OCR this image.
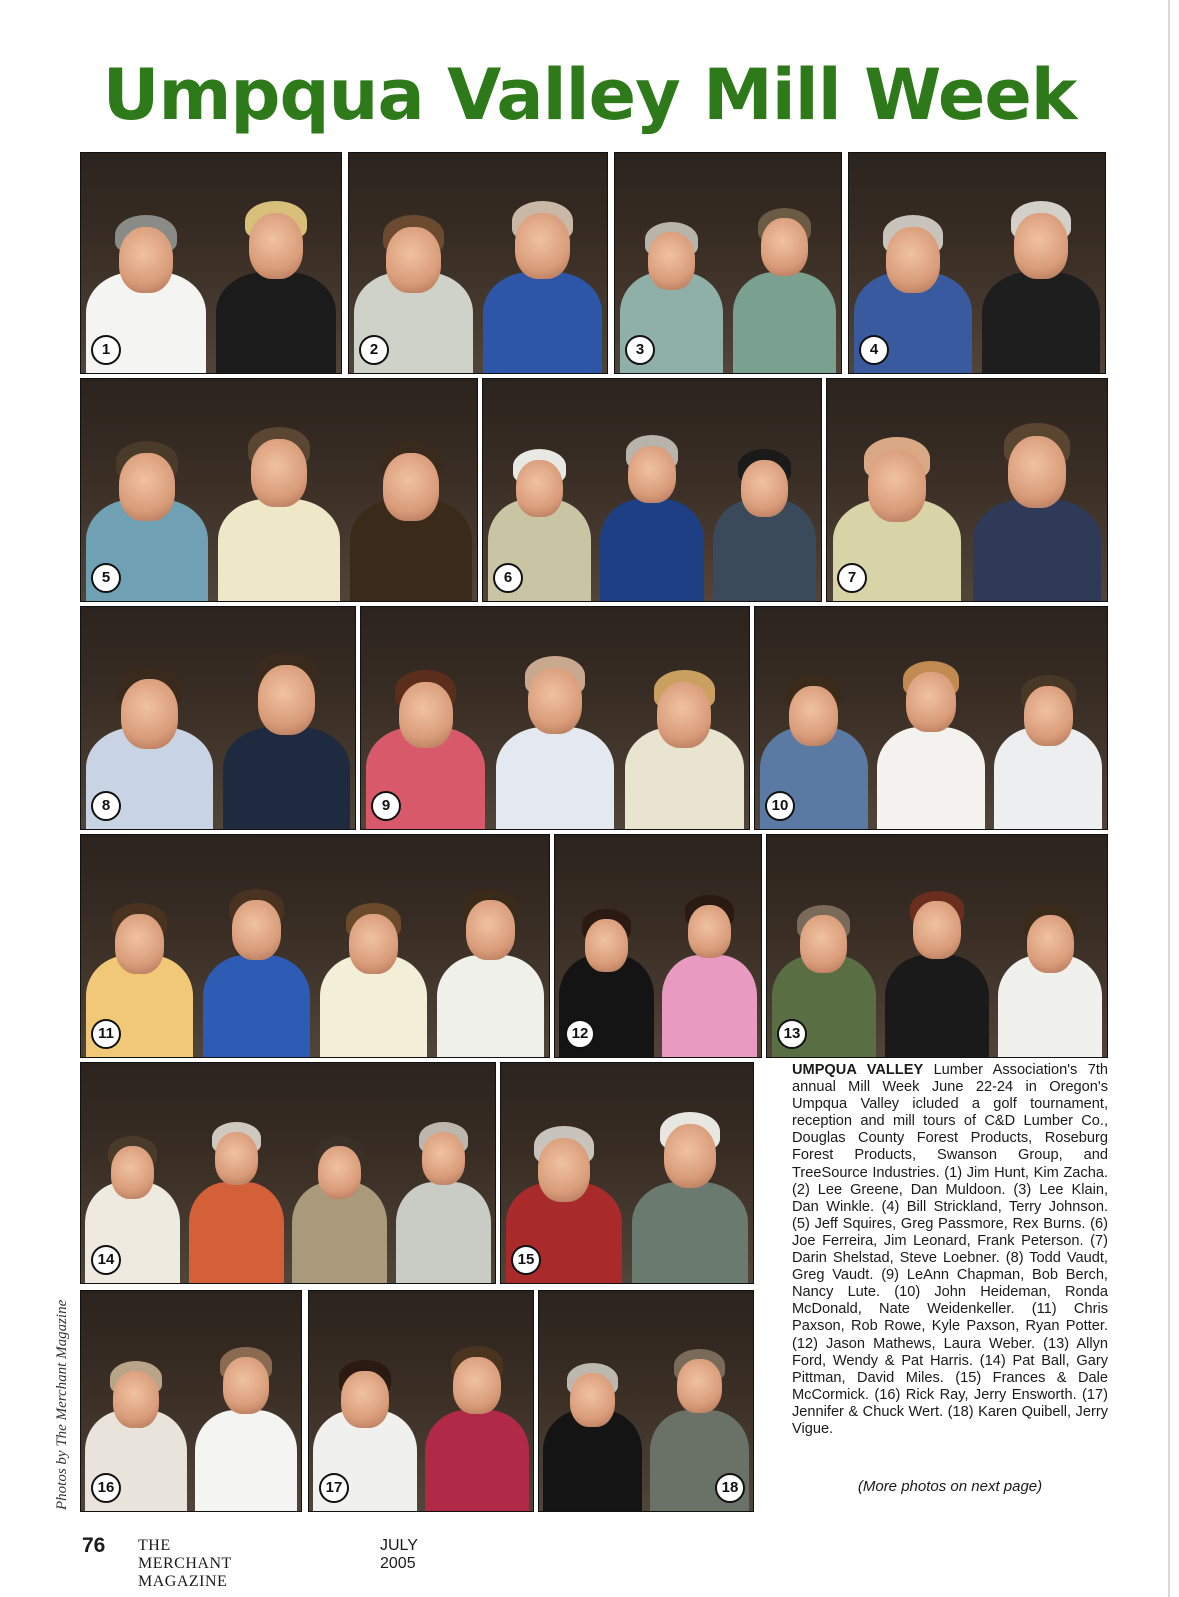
Umpqua Valley Mill Week
1	2	3	4
5	6	7
8	9	10
11	12	13
14	15
16	17	18
UMPQUA VALLEY Lumber Association's 7th annual Mill Week June 22-24 in Oregon's Umpqua Valley icluded a golf tournament, reception and mill tours of C&D Lumber Co., Douglas County Forest Products, Roseburg Forest Products, Swanson Group, and TreeSource Industries. (1) Jim Hunt, Kim Zacha. (2) Lee Greene, Dan Muldoon. (3) Lee Klain, Dan Winkle. (4) Bill Strickland, Terry Johnson. (5) Jeff Squires, Greg Passmore, Rex Burns. (6) Joe Ferreira, Jim Leonard, Frank Peterson. (7) Darin Shelstad, Steve Loebner. (8) Todd Vaudt, Greg Vaudt. (9) LeAnn Chapman, Bob Berch, Nancy Lute. (10) John Heideman, Ronda McDonald, Nate Weidenkeller. (11) Chris Paxson, Rob Rowe, Kyle Paxson, Ryan Potter. (12) Jason Mathews, Laura Weber. (13) Allyn Ford, Wendy & Pat Harris. (14) Pat Ball, Gary Pittman, David Miles. (15) Frances & Dale McCormick. (16) Rick Ray, Jerry Ensworth. (17) Jennifer & Chuck Wert. (18) Karen Quibell, Jerry Vigue.
(More photos on next page)
Photos by The Merchant Magazine
76 THE MERCHANT MAGAZINE
JULY 2005
